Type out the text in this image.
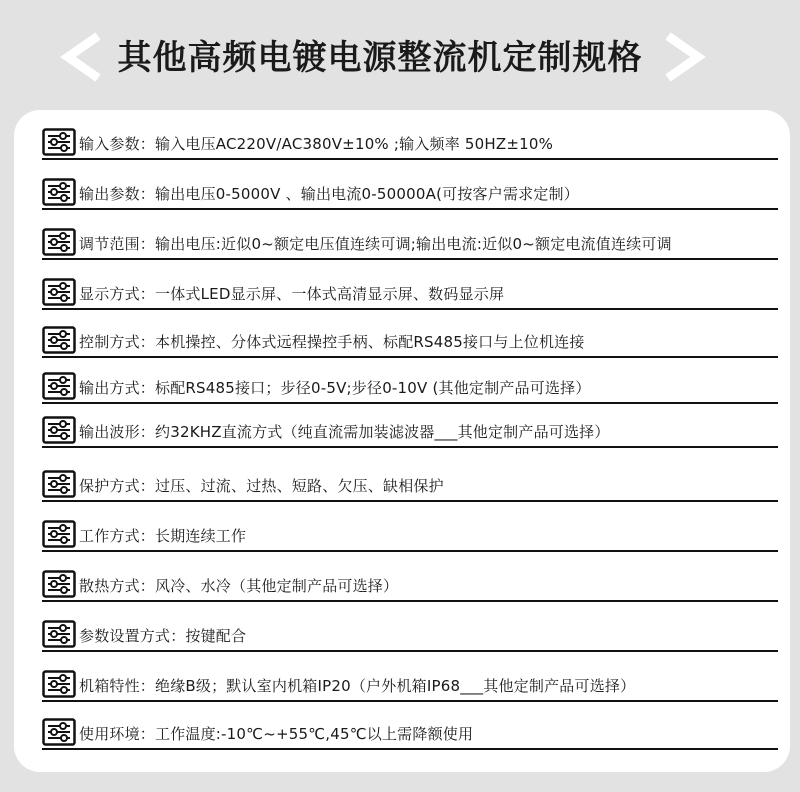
其他高频电镀电源整流机定制规格
输入参数：输入电压AC220V/AC380V±10% ;输入频率 50HZ±10%
输出参数：输出电压0-5000V 、输出电流0-50000A(可按客户需求定制）
调节范围：输出电压:近似0~额定电压值连续可调;输出电流:近似0~额定电流值连续可调
显示方式：一体式LED显示屏、一体式高清显示屏、数码显示屏
控制方式：本机操控、分体式远程操控手柄、标配RS485接口与上位机连接
输出方式：标配RS485接口；步径0-5V;步径0-10V (其他定制产品可选择）
输出波形：约32KHZ直流方式（纯直流需加装滤波器___其他定制产品可选择）
保护方式：过压、过流、过热、短路、欠压、缺相保护
工作方式：长期连续工作
散热方式：风冷、水冷（其他定制产品可选择）
参数设置方式：按键配合
机箱特性：绝缘B级；默认室内机箱IP20（户外机箱IP68___其他定制产品可选择）
使用环境：工作温度:-10℃~+55℃,45℃以上需降额使用
